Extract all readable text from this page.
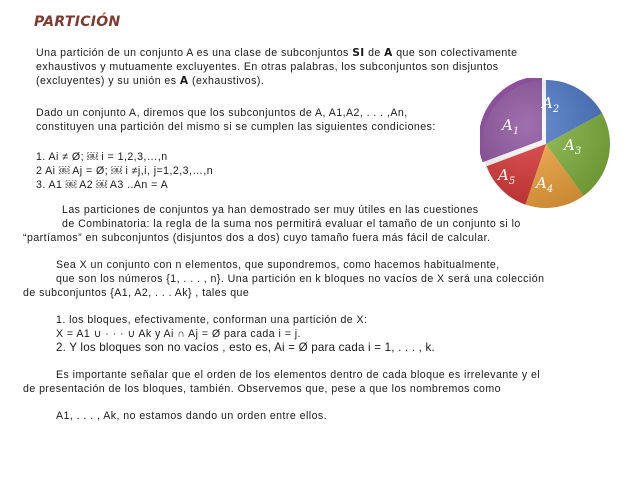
PARTICIÓN
Una partición de un conjunto A es una clase de subconjuntos SI de A que son colectivamente
exhaustivos y mutuamente excluyentes. En otras palabras, los subconjuntos son disjuntos
(excluyentes) y su unión es A (exhaustivos).
Dado un conjunto A, diremos que los subconjuntos de A, A1,A2, . . . ,An,
constituyen una partición del mismo si se cumplen las siguientes condiciones:
1. Ai ≠ Ø; ￼ i = 1,2,3,…,n
2 Ai ￼ Aj = Ø; ￼ i ≠j,i, j=1,2,3,…,n
3. A1 ￼ A2 ￼ A3 ..An = A
Las particiones de conjuntos ya han demostrado ser muy útiles en las cuestiones
de Combinatoria: la regla de la suma nos permitirá evaluar el tamaño de un conjunto si lo
“partíamos” en subconjuntos (disjuntos dos a dos) cuyo tamaño fuera más fácil de calcular.
Sea X un conjunto con n elementos, que supondremos, como hacemos habitualmente,
que son los números {1, . . . , n}. Una partición en k bloques no vacíos de X será una colección
de subconjuntos {A1, A2, . . . Ak} , tales que
1. los bloques, efectivamente, conforman una partición de X:
X = A1 ∪ · · · ∪ Ak y Ai ∩ Aj = Ø para cada i = j.
2. Y los bloques son no vacíos , esto es, Ai = Ø para cada i = 1, . . . , k.
Es importante señalar que el orden de los elementos dentro de cada bloque es irrelevante y el
de presentación de los bloques, también. Observemos que, pese a que los nombremos como
A1, . . . , Ak, no estamos dando un orden entre ellos.
$A_1$
$A_2$
$A_3$
$A_4$
$A_5$
